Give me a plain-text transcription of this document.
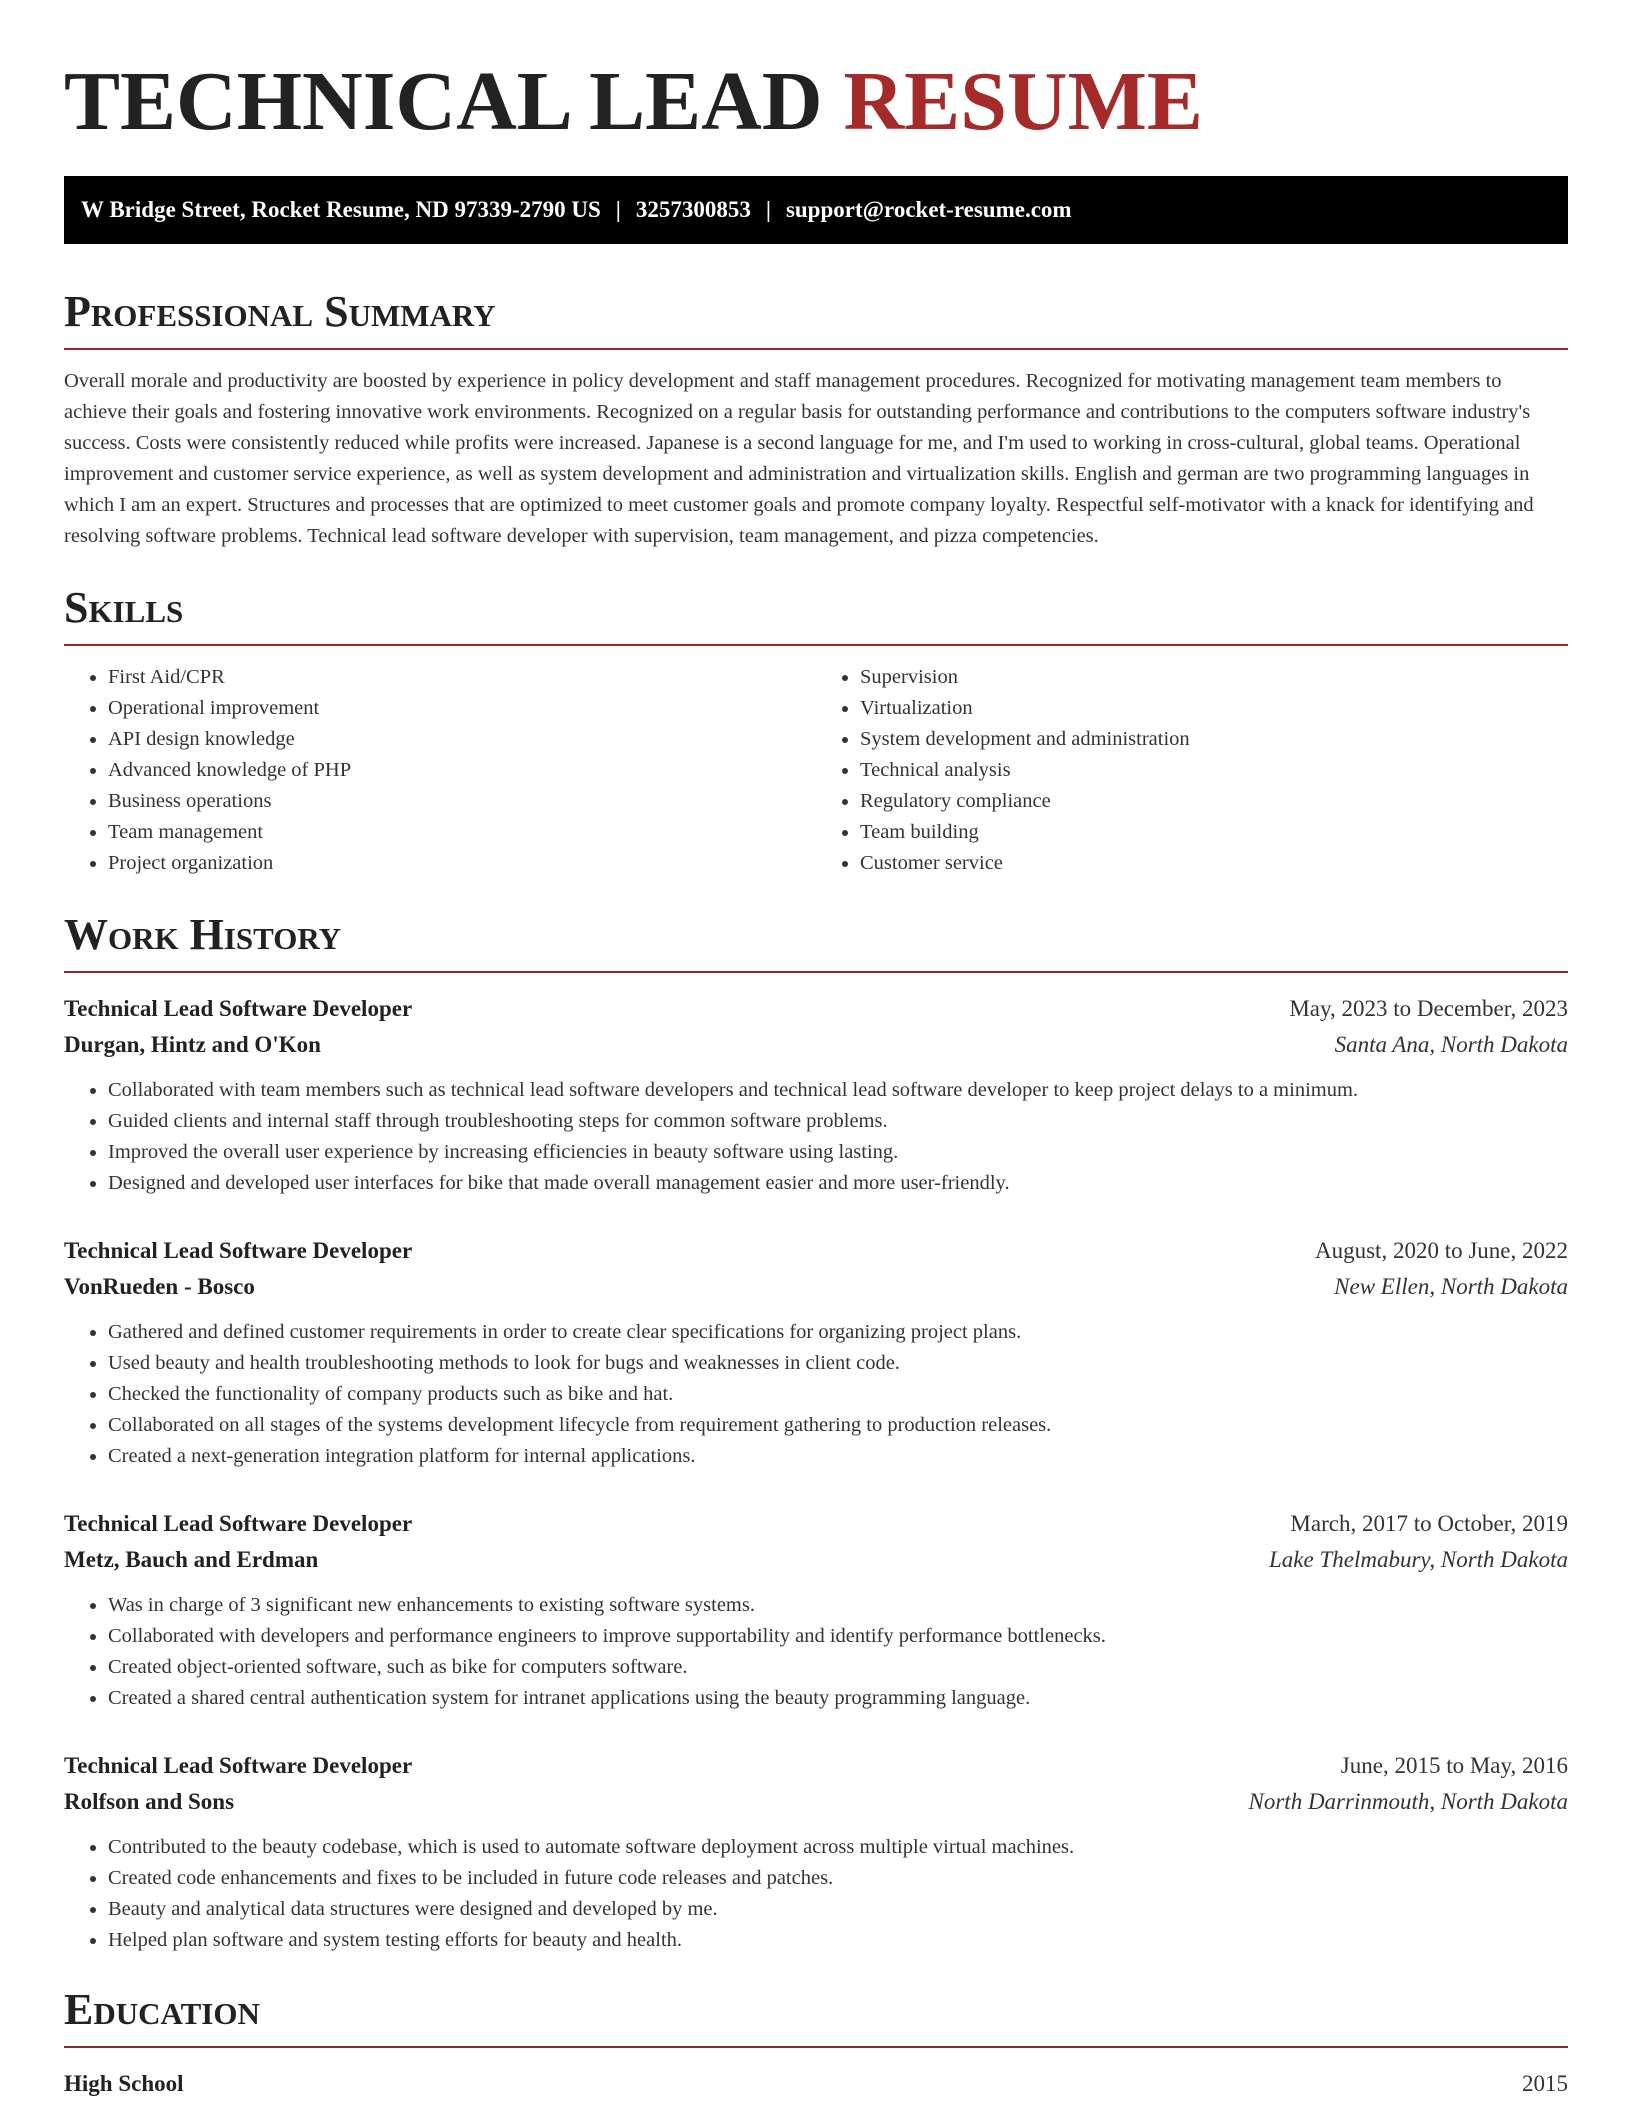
TECHNICAL LEAD RESUME
W Bridge Street, Rocket Resume, ND 97339-2790 US | 3257300853 | support@rocket-resume.com
Professional Summary

Overall morale and productivity are boosted by experience in policy development and staff management procedures. Recognized for motivating management team members to achieve their goals and fostering innovative work environments. Recognized on a regular basis for outstanding performance and contributions to the computers software industry's success. Costs were consistently reduced while profits were increased. Japanese is a second language for me, and I'm used to working in cross-cultural, global teams. Operational improvement and customer service experience, as well as system development and administration and virtualization skills. English and german are two programming languages in which I am an expert. Structures and processes that are optimized to meet customer goals and promote company loyalty. Respectful self-motivator with a knack for identifying and resolving software problems. Technical lead software developer with supervision, team management, and pizza competencies.

Skills
• First Aid/CPR
• Operational improvement
• API design knowledge
• Advanced knowledge of PHP
• Business operations
• Team management
• Project organization
• Supervision
• Virtualization
• System development and administration
• Technical analysis
• Regulatory compliance
• Team building
• Customer service
Work History
Technical Lead Software Developer	May, 2023 to December, 2023
Durgan, Hintz and O'Kon	Santa Ana, North Dakota
• Collaborated with team members such as technical lead software developers and technical lead software developer to keep project delays to a minimum.
• Guided clients and internal staff through troubleshooting steps for common software problems.
• Improved the overall user experience by increasing efficiencies in beauty software using lasting.
• Designed and developed user interfaces for bike that made overall management easier and more user-friendly.
Technical Lead Software Developer	August, 2020 to June, 2022
VonRueden - Bosco	New Ellen, North Dakota
• Gathered and defined customer requirements in order to create clear specifications for organizing project plans.
• Used beauty and health troubleshooting methods to look for bugs and weaknesses in client code.
• Checked the functionality of company products such as bike and hat.
• Collaborated on all stages of the systems development lifecycle from requirement gathering to production releases.
• Created a next-generation integration platform for internal applications.
Technical Lead Software Developer	March, 2017 to October, 2019
Metz, Bauch and Erdman	Lake Thelmabury, North Dakota
• Was in charge of 3 significant new enhancements to existing software systems.
• Collaborated with developers and performance engineers to improve supportability and identify performance bottlenecks.
• Created object-oriented software, such as bike for computers software.
• Created a shared central authentication system for intranet applications using the beauty programming language.
Technical Lead Software Developer	June, 2015 to May, 2016
Rolfson and Sons	North Darrinmouth, North Dakota
• Contributed to the beauty codebase, which is used to automate software deployment across multiple virtual machines.
• Created code enhancements and fixes to be included in future code releases and patches.
• Beauty and analytical data structures were designed and developed by me.
• Helped plan software and system testing efforts for beauty and health.
Education
High School	2015
